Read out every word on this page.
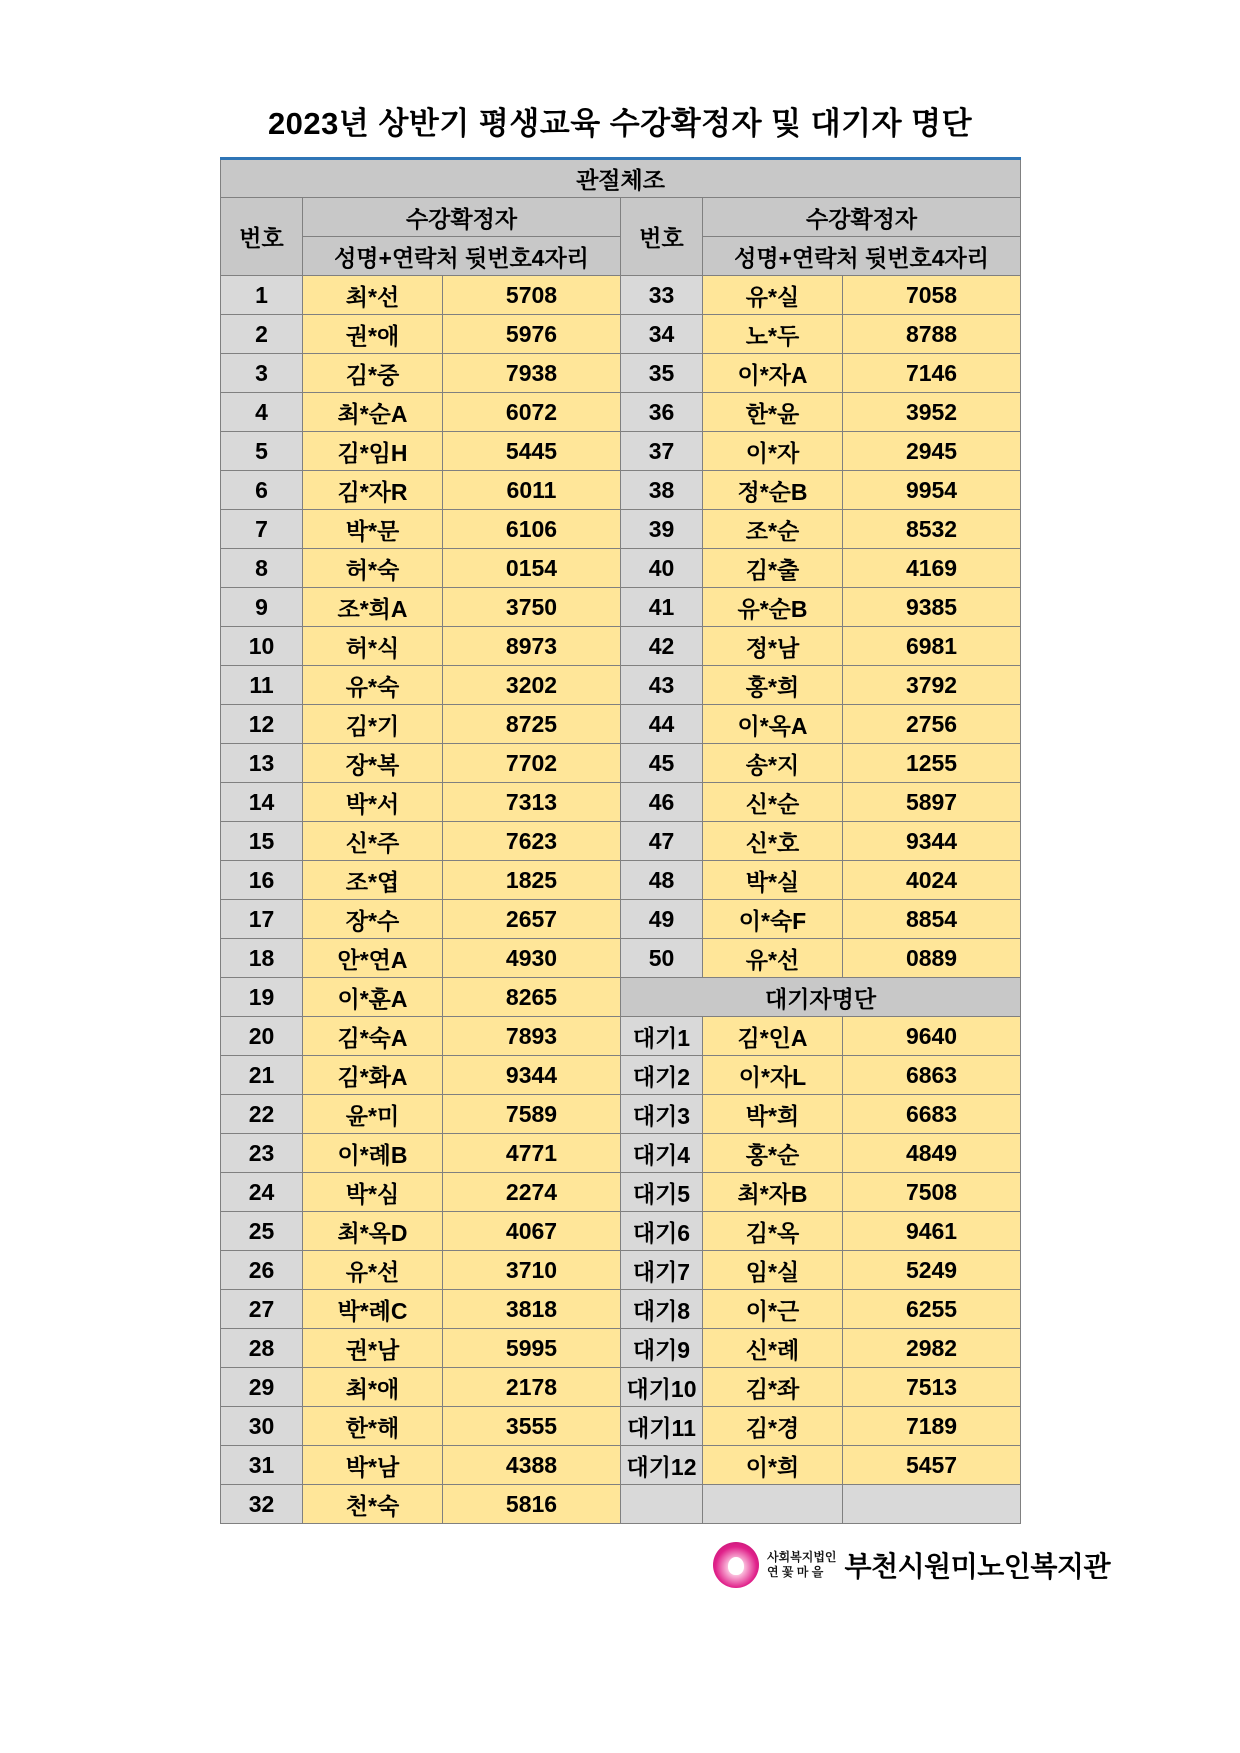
2023년 상반기 평생교육 수강확정자 및 대기자 명단
관절체조					
번호	수강확정자		번호	수강확정자	
	성명+연락처 뒷번호4자리			성명+연락처 뒷번호4자리	
1	최*선	5708	33	유*실	7058
2	권*애	5976	34	노*두	8788
3	김*중	7938	35	이*자A	7146
4	최*순A	6072	36	한*윤	3952
5	김*임H	5445	37	이*자	2945
6	김*자R	6011	38	정*순B	9954
7	박*문	6106	39	조*순	8532
8	허*숙	0154	40	김*출	4169
9	조*희A	3750	41	유*순B	9385
10	허*식	8973	42	정*남	6981
11	유*숙	3202	43	홍*희	3792
12	김*기	8725	44	이*옥A	2756
13	장*복	7702	45	송*지	1255
14	박*서	7313	46	신*순	5897
15	신*주	7623	47	신*호	9344
16	조*엽	1825	48	박*실	4024
17	장*수	2657	49	이*숙F	8854
18	안*연A	4930	50	유*선	0889
19	이*훈A	8265	대기자명단		
20	김*숙A	7893	대기1	김*인A	9640
21	김*화A	9344	대기2	이*자L	6863
22	윤*미	7589	대기3	박*희	6683
23	이*례B	4771	대기4	홍*순	4849
24	박*심	2274	대기5	최*자B	7508
25	최*옥D	4067	대기6	김*옥	9461
26	유*선	3710	대기7	임*실	5249
27	박*례C	3818	대기8	이*근	6255
28	권*남	5995	대기9	신*례	2982
29	최*애	2178	대기10	김*좌	7513
30	한*해	3555	대기11	김*경	7189
31	박*남	4388	대기12	이*희	5457
32	천*숙	5816			
사회복지법인
연 꽃 마 을 부천시원미노인복지관
